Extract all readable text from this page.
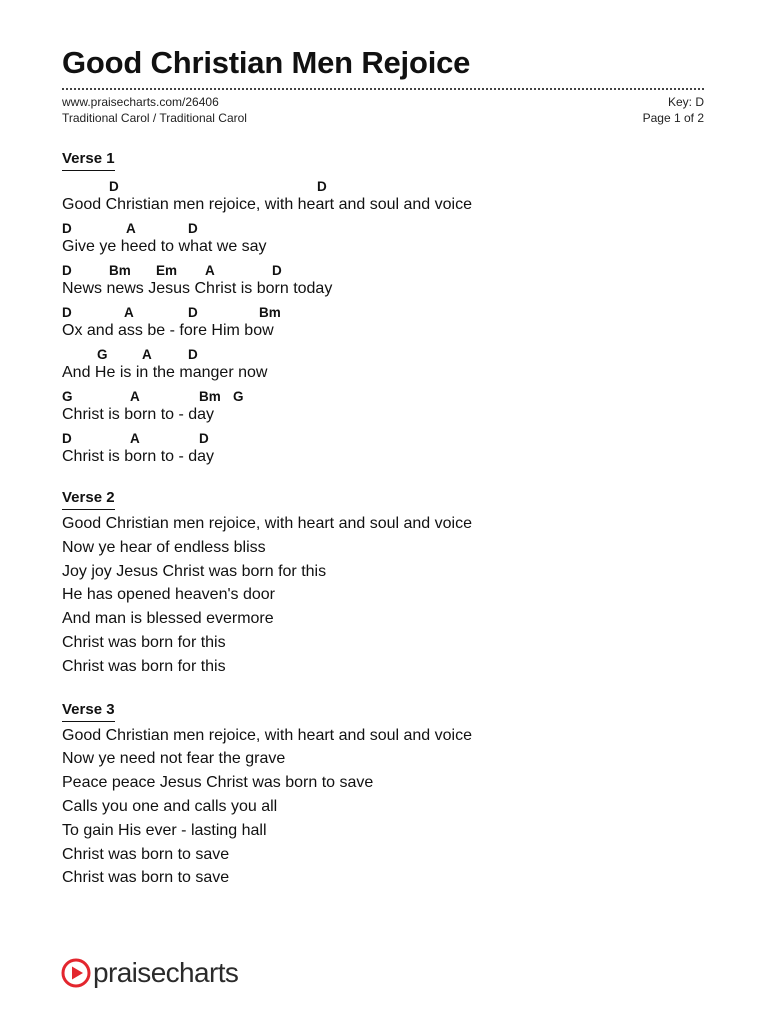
Good Christian Men Rejoice
www.praisecharts.com/26406
Traditional Carol / Traditional Carol
Key: D
Page 1 of 2
Verse 1
D	D
Good Christian men rejoice, with heart and soul and voice
D	A	D
Give ye heed to what we say
D	Bm Em A	D
News news Jesus Christ is born today
D	A	D	Bm
Ox and ass be - fore Him bow
G	A	D
And He is in the manger now
G	A	Bm G
Christ is born to - day
D	A	D
Christ is born to - day
Verse 2
Good Christian men rejoice, with heart and soul and voice
Now ye hear of endless bliss
Joy joy Jesus Christ was born for this
He has opened heaven's door
And man is blessed evermore
Christ was born for this
Christ was born for this
Verse 3
Good Christian men rejoice, with heart and soul and voice
Now ye need not fear the grave
Peace peace Jesus Christ was born to save
Calls you one and calls you all
To gain His ever - lasting hall
Christ was born to save
Christ was born to save
praisecharts
